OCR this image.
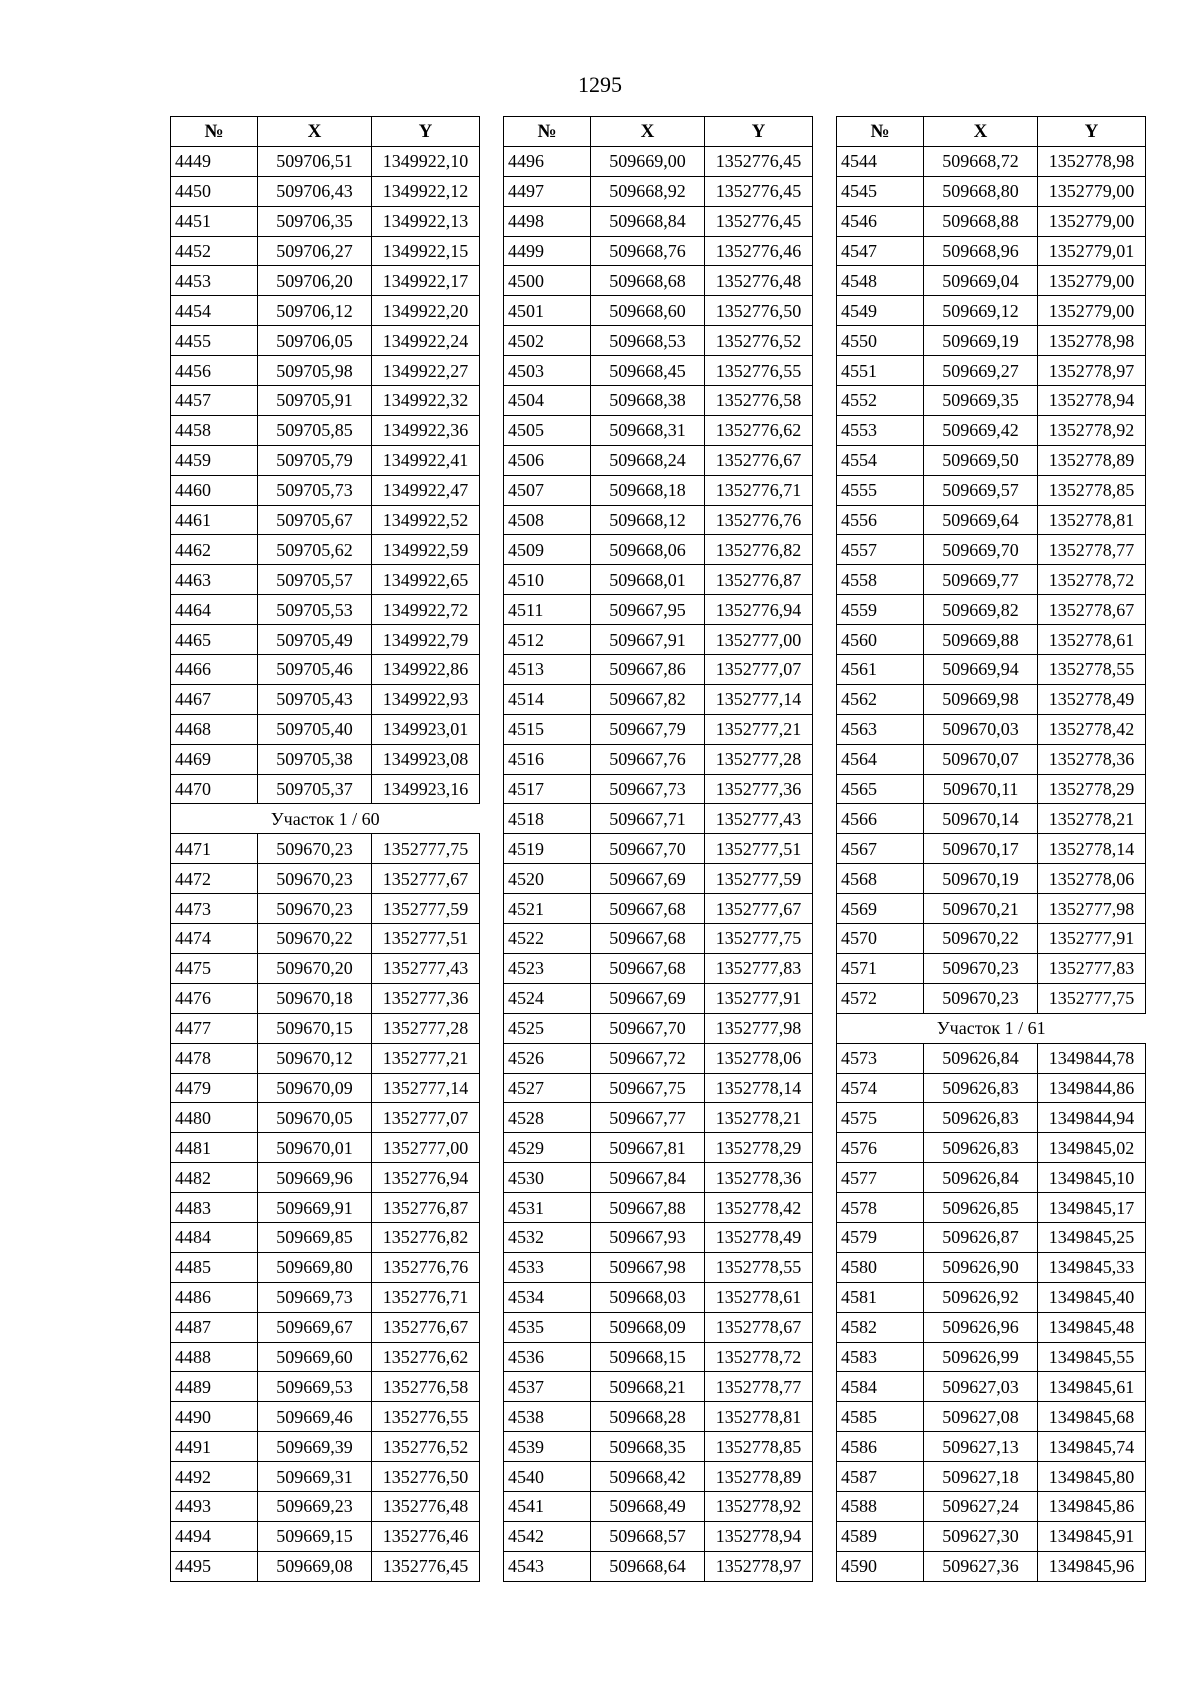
1295
№	X	Y
4449	509706,51	1349922,10
4450	509706,43	1349922,12
4451	509706,35	1349922,13
4452	509706,27	1349922,15
4453	509706,20	1349922,17
4454	509706,12	1349922,20
4455	509706,05	1349922,24
4456	509705,98	1349922,27
4457	509705,91	1349922,32
4458	509705,85	1349922,36
4459	509705,79	1349922,41
4460	509705,73	1349922,47
4461	509705,67	1349922,52
4462	509705,62	1349922,59
4463	509705,57	1349922,65
4464	509705,53	1349922,72
4465	509705,49	1349922,79
4466	509705,46	1349922,86
4467	509705,43	1349922,93
4468	509705,40	1349923,01
4469	509705,38	1349923,08
4470	509705,37	1349923,16
Участок 1 / 60		
4471	509670,23	1352777,75
4472	509670,23	1352777,67
4473	509670,23	1352777,59
4474	509670,22	1352777,51
4475	509670,20	1352777,43
4476	509670,18	1352777,36
4477	509670,15	1352777,28
4478	509670,12	1352777,21
4479	509670,09	1352777,14
4480	509670,05	1352777,07
4481	509670,01	1352777,00
4482	509669,96	1352776,94
4483	509669,91	1352776,87
4484	509669,85	1352776,82
4485	509669,80	1352776,76
4486	509669,73	1352776,71
4487	509669,67	1352776,67
4488	509669,60	1352776,62
4489	509669,53	1352776,58
4490	509669,46	1352776,55
4491	509669,39	1352776,52
4492	509669,31	1352776,50
4493	509669,23	1352776,48
4494	509669,15	1352776,46
4495	509669,08	1352776,45
№	X	Y
4496	509669,00	1352776,45
4497	509668,92	1352776,45
4498	509668,84	1352776,45
4499	509668,76	1352776,46
4500	509668,68	1352776,48
4501	509668,60	1352776,50
4502	509668,53	1352776,52
4503	509668,45	1352776,55
4504	509668,38	1352776,58
4505	509668,31	1352776,62
4506	509668,24	1352776,67
4507	509668,18	1352776,71
4508	509668,12	1352776,76
4509	509668,06	1352776,82
4510	509668,01	1352776,87
4511	509667,95	1352776,94
4512	509667,91	1352777,00
4513	509667,86	1352777,07
4514	509667,82	1352777,14
4515	509667,79	1352777,21
4516	509667,76	1352777,28
4517	509667,73	1352777,36
4518	509667,71	1352777,43
4519	509667,70	1352777,51
4520	509667,69	1352777,59
4521	509667,68	1352777,67
4522	509667,68	1352777,75
4523	509667,68	1352777,83
4524	509667,69	1352777,91
4525	509667,70	1352777,98
4526	509667,72	1352778,06
4527	509667,75	1352778,14
4528	509667,77	1352778,21
4529	509667,81	1352778,29
4530	509667,84	1352778,36
4531	509667,88	1352778,42
4532	509667,93	1352778,49
4533	509667,98	1352778,55
4534	509668,03	1352778,61
4535	509668,09	1352778,67
4536	509668,15	1352778,72
4537	509668,21	1352778,77
4538	509668,28	1352778,81
4539	509668,35	1352778,85
4540	509668,42	1352778,89
4541	509668,49	1352778,92
4542	509668,57	1352778,94
4543	509668,64	1352778,97
№	X	Y
4544	509668,72	1352778,98
4545	509668,80	1352779,00
4546	509668,88	1352779,00
4547	509668,96	1352779,01
4548	509669,04	1352779,00
4549	509669,12	1352779,00
4550	509669,19	1352778,98
4551	509669,27	1352778,97
4552	509669,35	1352778,94
4553	509669,42	1352778,92
4554	509669,50	1352778,89
4555	509669,57	1352778,85
4556	509669,64	1352778,81
4557	509669,70	1352778,77
4558	509669,77	1352778,72
4559	509669,82	1352778,67
4560	509669,88	1352778,61
4561	509669,94	1352778,55
4562	509669,98	1352778,49
4563	509670,03	1352778,42
4564	509670,07	1352778,36
4565	509670,11	1352778,29
4566	509670,14	1352778,21
4567	509670,17	1352778,14
4568	509670,19	1352778,06
4569	509670,21	1352777,98
4570	509670,22	1352777,91
4571	509670,23	1352777,83
4572	509670,23	1352777,75
Участок 1 / 61		
4573	509626,84	1349844,78
4574	509626,83	1349844,86
4575	509626,83	1349844,94
4576	509626,83	1349845,02
4577	509626,84	1349845,10
4578	509626,85	1349845,17
4579	509626,87	1349845,25
4580	509626,90	1349845,33
4581	509626,92	1349845,40
4582	509626,96	1349845,48
4583	509626,99	1349845,55
4584	509627,03	1349845,61
4585	509627,08	1349845,68
4586	509627,13	1349845,74
4587	509627,18	1349845,80
4588	509627,24	1349845,86
4589	509627,30	1349845,91
4590	509627,36	1349845,96
